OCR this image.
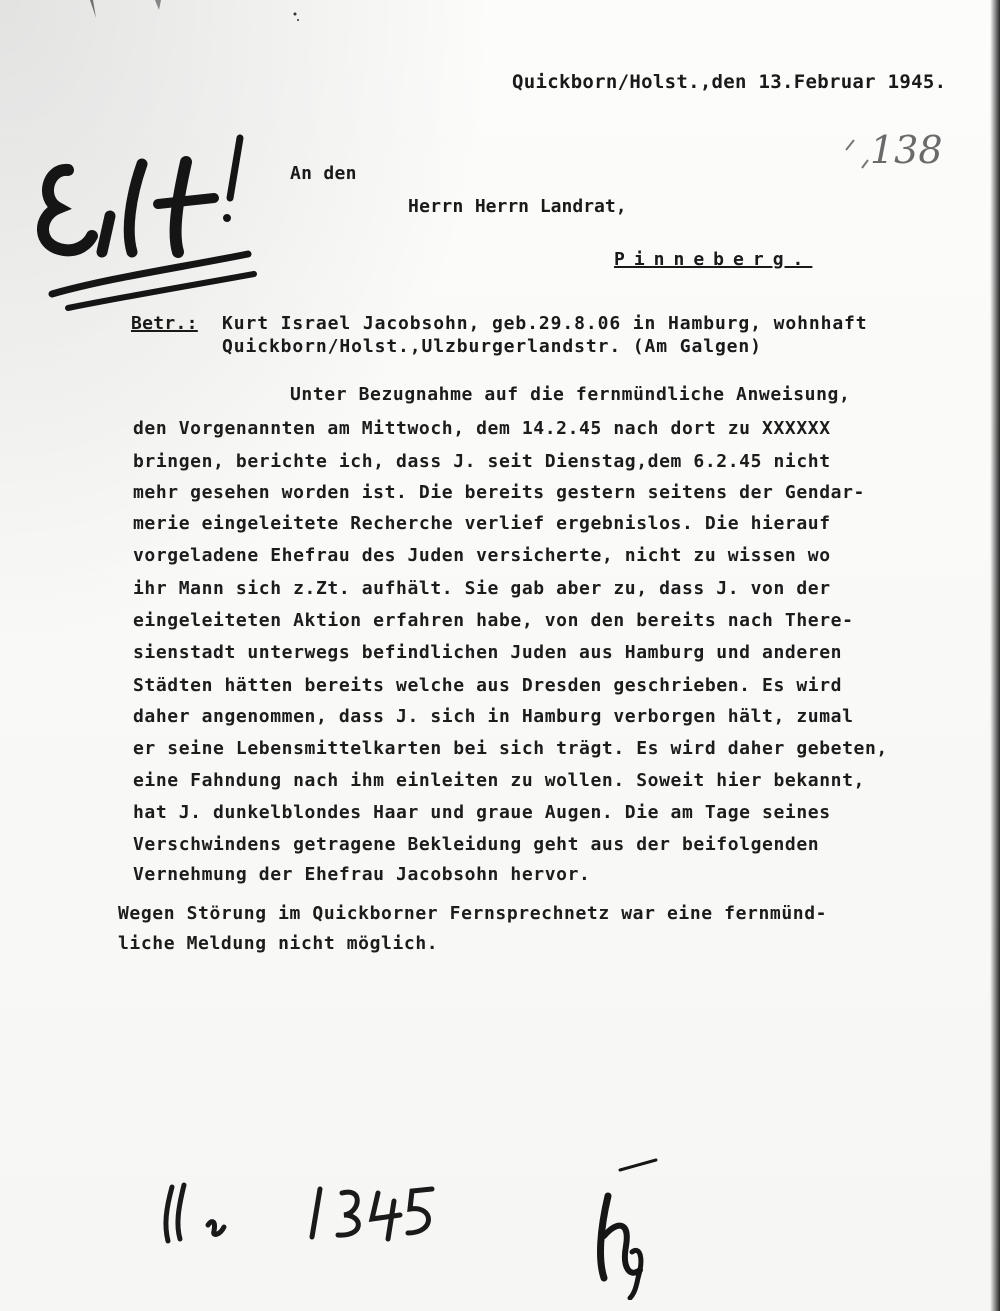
Quickborn/Holst.,den 13.Februar 1945.
138
An den
Herrn Herrn Landrat,
Pinneberg.
Betr.: Kurt Israel Jacobsohn, geb.29.8.06 in Hamburg, wohnhaft
Quickborn/Holst.,Ulzburgerlandstr. (Am Galgen)
Unter Bezugnahme auf die fernmündliche Anweisung,
den Vorgenannten am Mittwoch, dem 14.2.45 nach dort zu XXXXXX
bringen, berichte ich, dass J. seit Dienstag,dem 6.2.45 nicht
mehr gesehen worden ist. Die bereits gestern seitens der Gendar-
merie eingeleitete Recherche verlief ergebnislos. Die hierauf
vorgeladene Ehefrau des Juden versicherte, nicht zu wissen wo
ihr Mann sich z.Zt. aufhält. Sie gab aber zu, dass J. von der
eingeleiteten Aktion erfahren habe, von den bereits nach There-
sienstadt unterwegs befindlichen Juden aus Hamburg und anderen
Städten hätten bereits welche aus Dresden geschrieben. Es wird
daher angenommen, dass J. sich in Hamburg verborgen hält, zumal
er seine Lebensmittelkarten bei sich trägt. Es wird daher gebeten,
eine Fahndung nach ihm einleiten zu wollen. Soweit hier bekannt,
hat J. dunkelblondes Haar und graue Augen. Die am Tage seines
Verschwindens getragene Bekleidung geht aus der beifolgenden
Vernehmung der Ehefrau Jacobsohn hervor.
Wegen Störung im Quickborner Fernsprechnetz war eine fernmünd-
liche Meldung nicht möglich.
